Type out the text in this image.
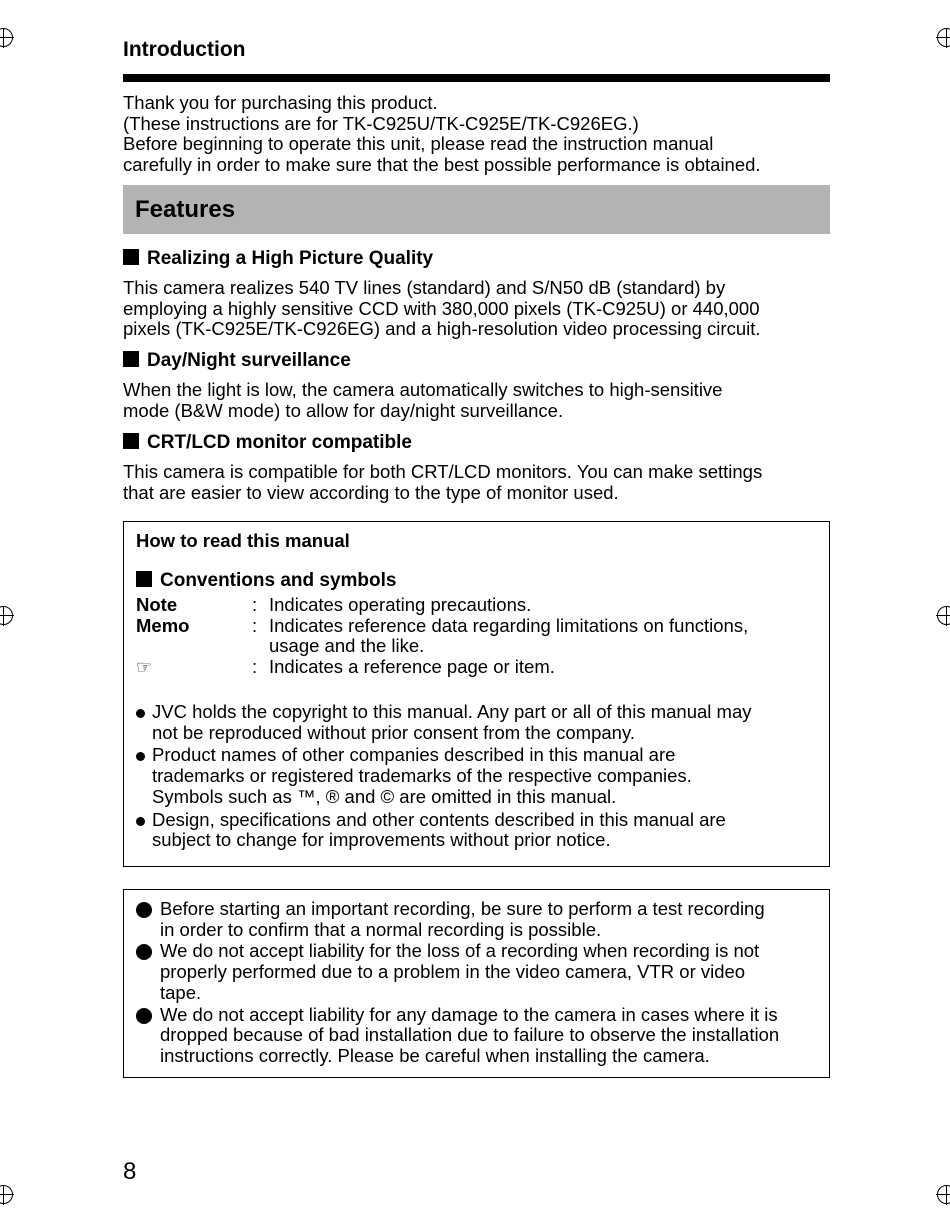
Introduction
Thank you for purchasing this product.
(These instructions are for TK-C925U/TK-C925E/TK-C926EG.)
Before beginning to operate this unit, please read the instruction manual
carefully in order to make sure that the best possible performance is obtained.
Features
Realizing a High Picture Quality

This camera realizes 540 TV lines (standard) and S/N50 dB (standard) by
employing a highly sensitive CCD with 380,000 pixels (TK-C925U) or 440,000
pixels (TK-C925E/TK-C926EG) and a high-resolution video processing circuit.

Day/Night surveillance

When the light is low, the camera automatically switches to high-sensitive
mode (B&W mode) to allow for day/night surveillance.

CRT/LCD monitor compatible

This camera is compatible for both CRT/LCD monitors. You can make settings
that are easier to view according to the type of monitor used.

How to read this manual
Conventions and symbols
Note	: Indicates operating precautions.
Memo	: Indicates reference data regarding limitations on functions,
usage and the like.
☞	: Indicates a reference page or item.
JVC holds the copyright to this manual. Any part or all of this manual may
not be reproduced without prior consent from the company.
Product names of other companies described in this manual are
trademarks or registered trademarks of the respective companies.
Symbols such as ™, ® and © are omitted in this manual.
Design, specifications and other contents described in this manual are
subject to change for improvements without prior notice.
Before starting an important recording, be sure to perform a test recording
in order to confirm that a normal recording is possible.
We do not accept liability for the loss of a recording when recording is not
properly performed due to a problem in the video camera, VTR or video
tape.
We do not accept liability for any damage to the camera in cases where it is
dropped because of bad installation due to failure to observe the installation
instructions correctly. Please be careful when installing the camera.
8
